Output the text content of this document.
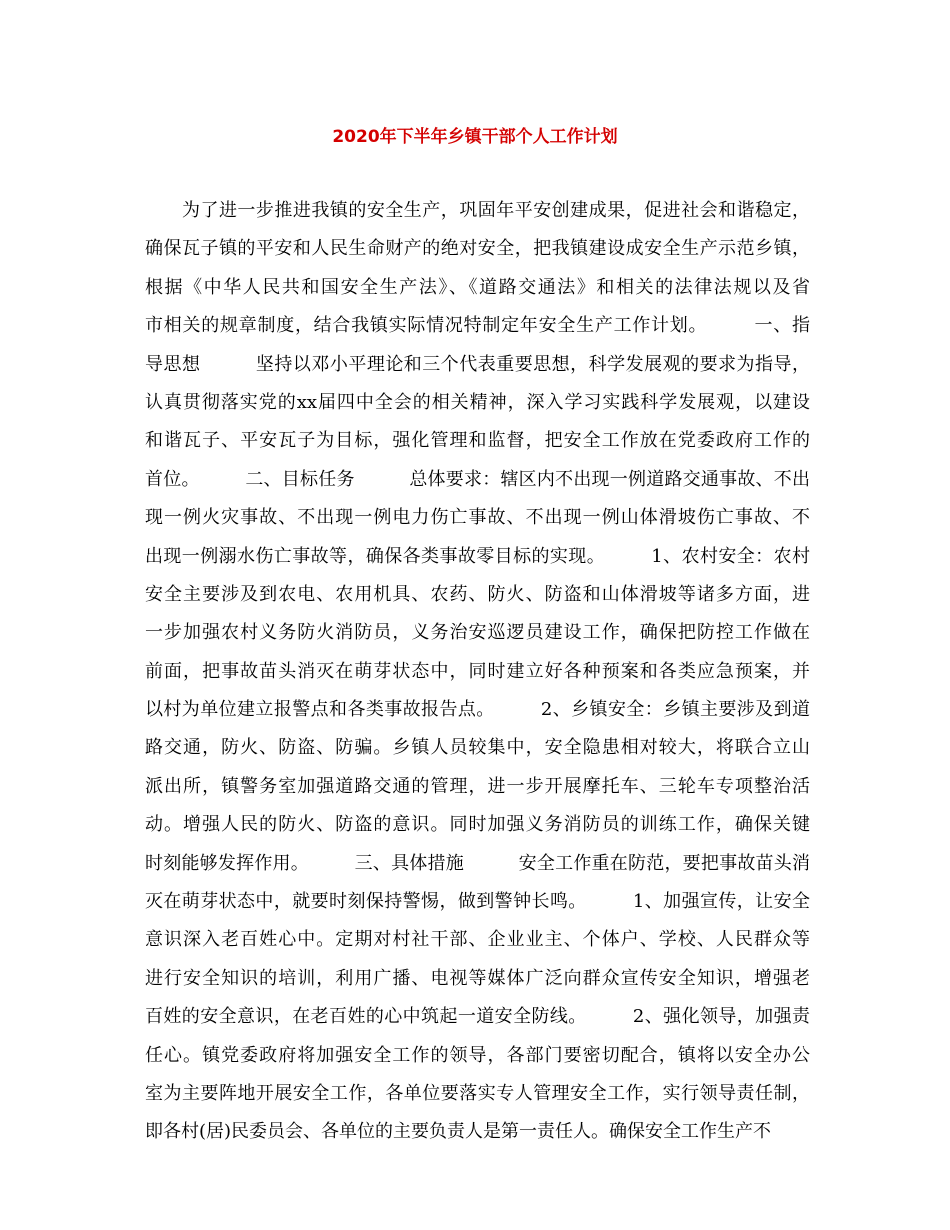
2020年下半年乡镇干部个人工作计划
　　为了进一步推进我镇的安全生产，巩固年平安创建成果，促进社会和谐稳定，
确保瓦子镇的平安和人民生命财产的绝对安全，把我镇建设成安全生产示范乡镇，
根据《中华人民共和国安全生产法》、《道路交通法》和相关的法律法规以及省
市相关的规章制度，结合我镇实际情况特制定年安全生产工作计划。　　　一、指
导思想　　　坚持以邓小平理论和三个代表重要思想，科学发展观的要求为指导，
认真贯彻落实党的xx届四中全会的相关精神，深入学习实践科学发展观，以建设
和谐瓦子、平安瓦子为目标，强化管理和监督，把安全工作放在党委政府工作的
首位。　　　二、目标任务　　　总体要求：辖区内不出现一例道路交通事故、不出
现一例火灾事故、不出现一例电力伤亡事故、不出现一例山体滑坡伤亡事故、不
出现一例溺水伤亡事故等，确保各类事故零目标的实现。　　　1、农村安全：农村
安全主要涉及到农电、农用机具、农药、防火、防盗和山体滑坡等诸多方面，进
一步加强农村义务防火消防员，义务治安巡逻员建设工作，确保把防控工作做在
前面，把事故苗头消灭在萌芽状态中，同时建立好各种预案和各类应急预案，并
以村为单位建立报警点和各类事故报告点。　　　2、乡镇安全：乡镇主要涉及到道
路交通，防火、防盗、防骗。乡镇人员较集中，安全隐患相对较大，将联合立山
派出所，镇警务室加强道路交通的管理，进一步开展摩托车、三轮车专项整治活
动。增强人民的防火、防盗的意识。同时加强义务消防员的训练工作，确保关键
时刻能够发挥作用。　　　三、具体措施　　　安全工作重在防范，要把事故苗头消
灭在萌芽状态中，就要时刻保持警惕，做到警钟长鸣。　　　1、加强宣传，让安全
意识深入老百姓心中。定期对村社干部、企业业主、个体户、学校、人民群众等
进行安全知识的培训，利用广播、电视等媒体广泛向群众宣传安全知识，增强老
百姓的安全意识，在老百姓的心中筑起一道安全防线。　　　2、强化领导，加强责
任心。镇党委政府将加强安全工作的领导，各部门要密切配合，镇将以安全办公
室为主要阵地开展安全工作，各单位要落实专人管理安全工作，实行领导责任制，
即各村(居)民委员会、各单位的主要负责人是第一责任人。确保安全工作生产不
